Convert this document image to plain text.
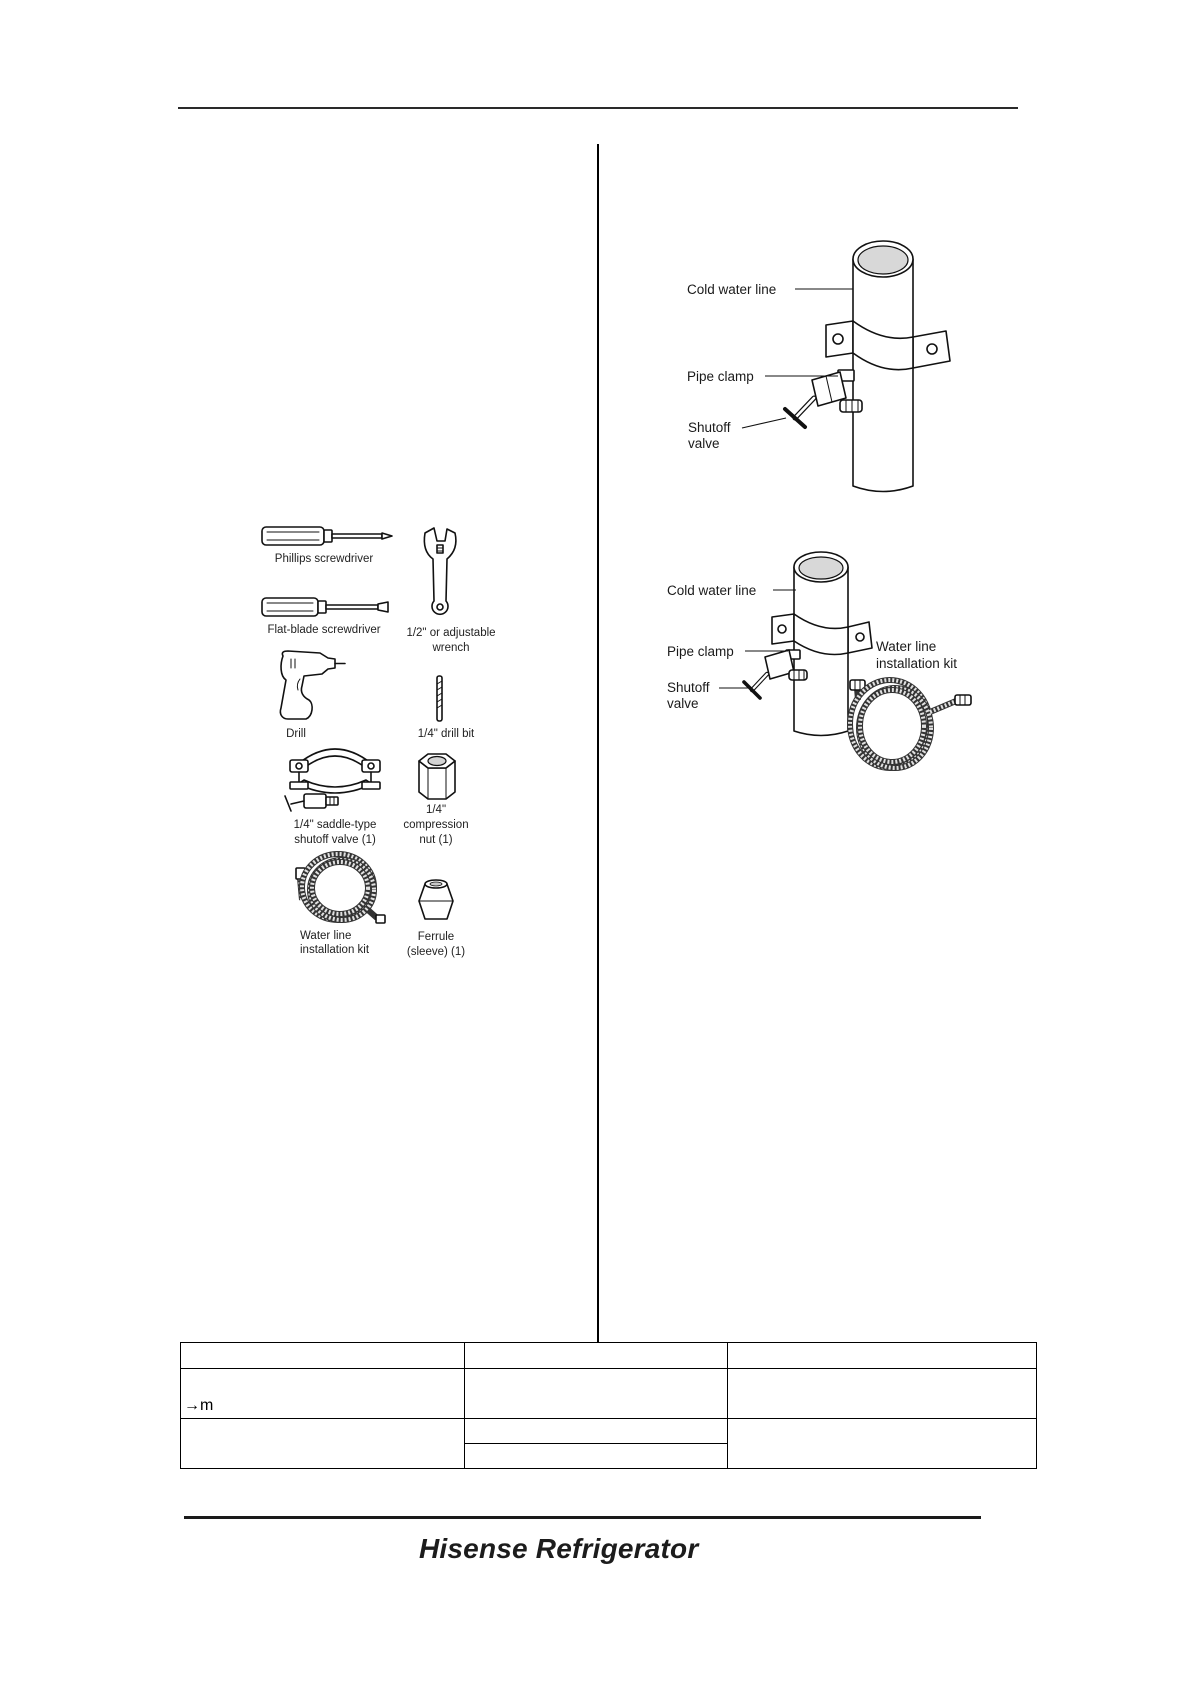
Phillips screwdriver
Flat-blade screwdriver 1/2" or adjustable
wrench
Drill	1/4" drill bit
1/4" saddle-type
shutoff valve (1)
1/4"
compression
nut (1)
Water line
installation kit
Ferrule
(sleeve) (1)
Cold water line
Pipe clamp
Shutoff
valve
Cold water line
Pipe clamp
Shutoff
valve
Water line
installation kit
→m
Hisense Refrigerator
